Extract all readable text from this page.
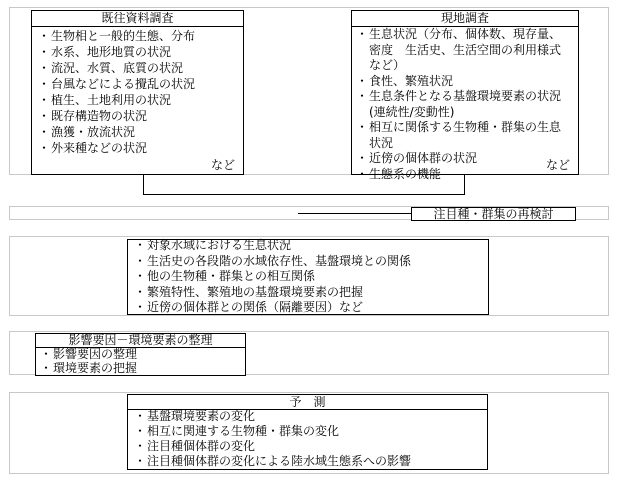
既往資料調査
・ 生物相と一般的生態、分布
・ 水系、地形地質の状況
・ 流況、水質、底質の状況
・ 台風などによる攪乱の状況
・ 植生、土地利用の状況
・ 既存構造物の状況
・ 漁獲・放流状況
・ 外来種などの状況
など
現地調査
・ 生息状況（分布、個体数、現存量、密度　生活史、生活空間の利用様式など）
・ 食性、繁殖状況
・ 生息条件となる基盤環境要素の状況(連続性/変動性)
・ 相互に関係する生物種・群集の生息状況
・ 近傍の個体群の状況
・ 生態系の機能
など
注目種・群集の再検討
・ 対象水域における生息状況
・ 生活史の各段階の水域依存性、基盤環境との関係
・ 他の生物種・群集との相互関係
・ 繁殖特性、繁殖地の基盤環境要素の把握
・ 近傍の個体群との関係（隔離要因）など
影響要因－環境要素の整理
・ 影響要因の整理
・ 環境要素の把握
予　測
・ 基盤環境要素の変化
・ 相互に関連する生物種・群集の変化
・ 注目種個体群の変化
・ 注目種個体群の変化による陸水域生態系への影響
